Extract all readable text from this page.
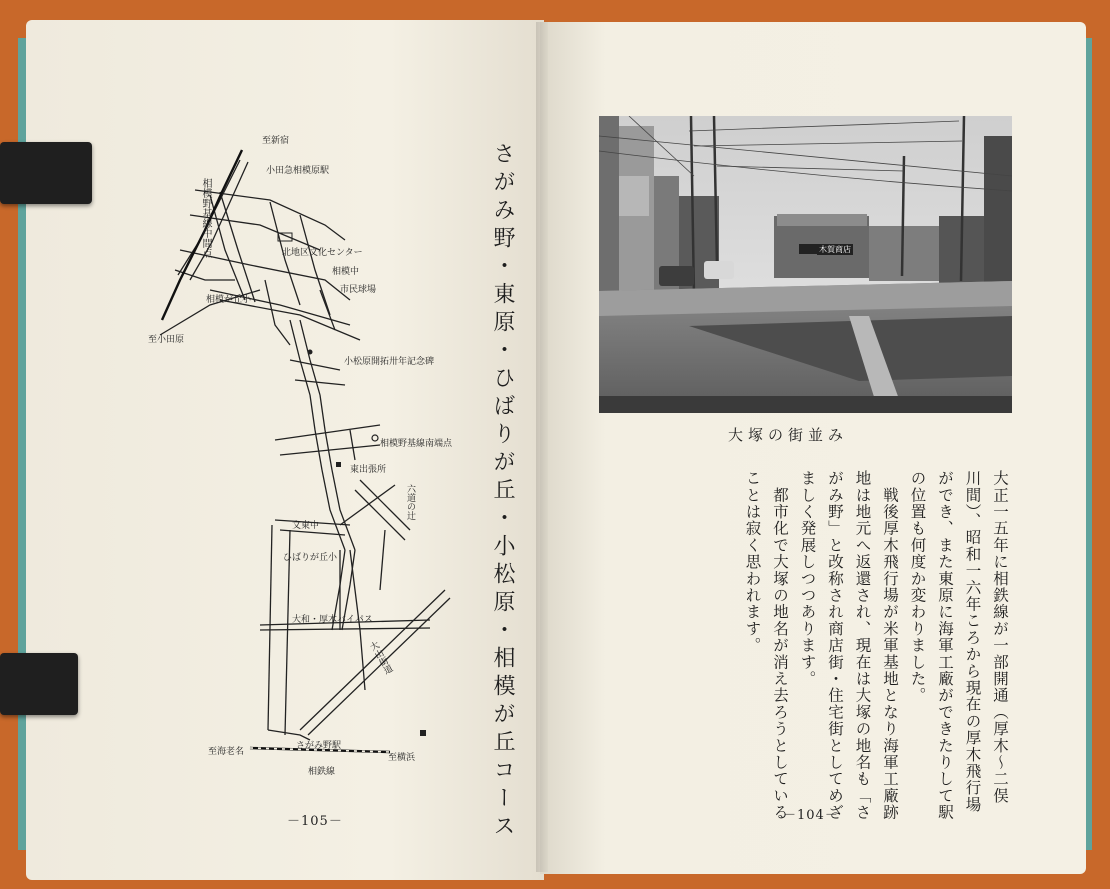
さがみ野・東原・ひばりが丘・小松原・相模が丘コース
至新宿
小田急相模原駅
北地区文化センター
相模中
市民球場
至小田原
相模が丘小
小松原開拓卅年記念碑
相模野基線中間点
相模野基線南端点
東出張所
六道の辻
文東中
ひばりが丘小
大和・厚木バイパス
大山街道
さがみ野駅
至海老名
至横浜
相鉄線
－105－
木賀商店
大塚の街並み

大正一五年に相鉄線が一部開通（厚木～二俣

川間）、昭和一六年ころから現在の厚木飛行場

ができ、また東原に海軍工廠ができたりして駅

の位置も何度か変わりました。

　戦後厚木飛行場が米軍基地となり海軍工廠跡

地は地元へ返還され、現在は大塚の地名も「さ

がみ野」と改称され商店街・住宅街としてめざ

ましく発展しつつあります。

　都市化で大塚の地名が消え去ろうとしている

ことは寂く思われます。

－104－
